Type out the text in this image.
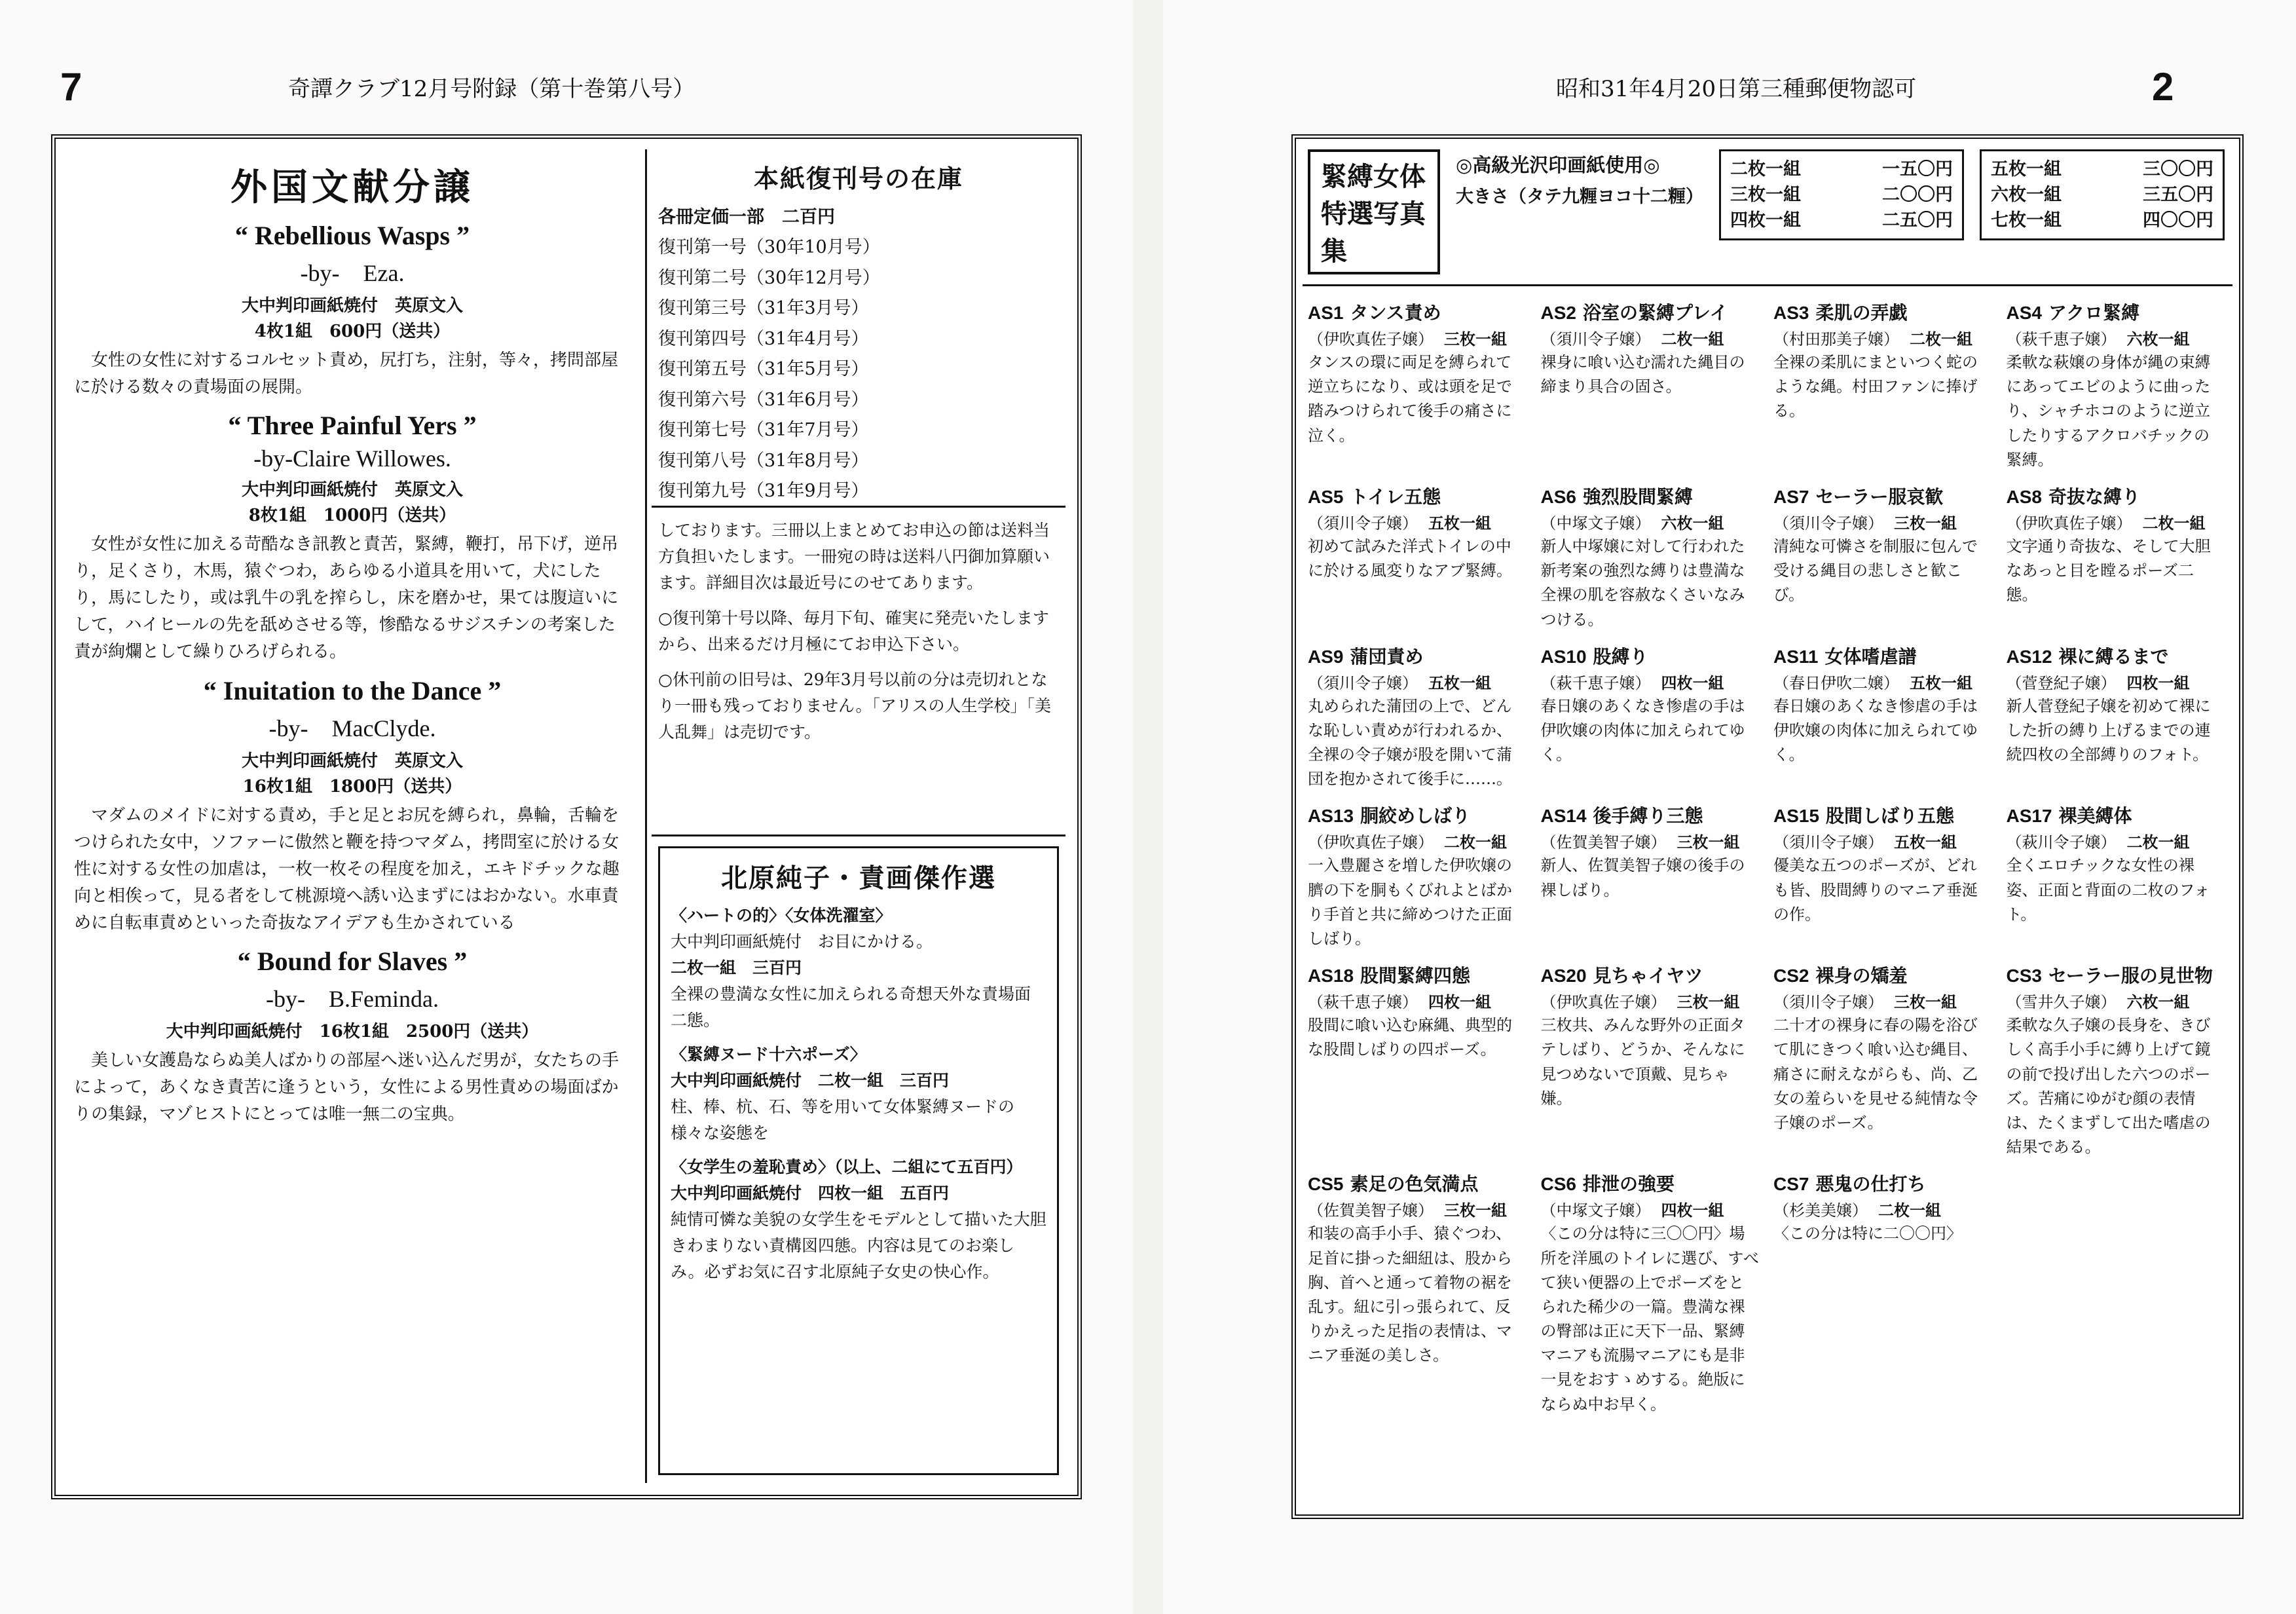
7	奇譚クラブ12月号附録（第十巻第八号）
外国文献分譲
“ Rebellious Wasps ”
-by-　Eza.
大中判印画紙焼付　英原文入
4枚1組　600円（送共）
女性の女性に対するコルセット責め，尻打ち，注射，等々，拷問部屋に於ける数々の責場面の展開。
“ Three Painful Yers ”
-by-Claire Willowes.
大中判印画紙焼付　英原文入
8枚1組　1000円（送共）
女性が女性に加える苛酷なき訊教と責苦，緊縛，鞭打，吊下げ，逆吊り，足くさり，木馬，猿ぐつわ，あらゆる小道具を用いて，犬にしたり，馬にしたり，或は乳牛の乳を搾らし，床を磨かせ，果ては腹這いにして，ハイヒールの先を舐めさせる等，惨酷なるサジスチンの考案した責が絢爛として繰りひろげられる。
“ Inuitation to the Dance ”
-by-　MacClyde.
大中判印画紙焼付　英原文入
16枚1組　1800円（送共）
マダムのメイドに対する責め，手と足とお尻を縛られ，鼻輪，舌輪をつけられた女中，ソファーに傲然と鞭を持つマダム，拷問室に於ける女性に対する女性の加虐は，一枚一枚その程度を加え，エキドチックな趣向と相俟って，見る者をして桃源境へ誘い込まずにはおかない。水車責めに自転車責めといった奇抜なアイデアも生かされている
“ Bound for Slaves ”
-by-　B.Feminda.
大中判印画紙焼付　16枚1組　2500円（送共）
美しい女護島ならぬ美人ばかりの部屋へ迷い込んだ男が，女たちの手によって，あくなき責苦に逢うという，女性による男性責めの場面ばかりの集録，マゾヒストにとっては唯一無二の宝典。
本紙復刊号の在庫

各冊定価一部　二百円

復刊第一号（30年10月号）

復刊第二号（30年12月号）

復刊第三号（31年3月号）

復刊第四号（31年4月号）

復刊第五号（31年5月号）

復刊第六号（31年6月号）

復刊第七号（31年7月号）

復刊第八号（31年8月号）

復刊第九号（31年9月号）

しております。三冊以上まとめてお申込の節は送料当方負担いたします。一冊宛の時は送料八円御加算願います。詳細目次は最近号にのせてあります。

○復刊第十号以降、毎月下旬、確実に発売いたしますから、出来るだけ月極にてお申込下さい。

○休刊前の旧号は、29年3月号以前の分は売切れとなり一冊も残っておりません。「アリスの人生学校」「美人乱舞」は売切です。

北原純子・責画傑作選

〈ハートの的〉〈女体洗濯室〉

大中判印画紙焼付　お目にかける。

二枚一組　三百円

全裸の豊満な女性に加えられる奇想天外な責場面二態。

〈緊縛ヌード十六ポーズ〉

大中判印画紙焼付　二枚一組　三百円

柱、棒、杭、石、等を用いて女体緊縛ヌードの様々な姿態を

〈女学生の羞恥責め〉（以上、二組にて五百円）

大中判印画紙焼付　四枚一組　五百円

純情可憐な美貌の女学生をモデルとして描いた大胆きわまりない責構図四態。内容は見てのお楽しみ。必ずお気に召す北原純子女史の快心作。

昭和31年4月20日第三種郵便物認可	2
緊縛女体特選写真集

◎高級光沢印画紙使用◎

大きさ（タテ九糎ヨコ十二糎）

二枚一組	一五〇円
三枚一組	二〇〇円
四枚一組	二五〇円
五枚一組	三〇〇円
六枚一組	三五〇円
七枚一組	四〇〇円
AS1 タンス責め
（伊吹真佐子嬢） 三枚一組
タンスの環に両足を縛られて逆立ちになり、或は頭を足で踏みつけられて後手の痛さに泣く。
AS2 浴室の緊縛プレイ
（須川令子嬢） 二枚一組
裸身に喰い込む濡れた縄目の締まり具合の固さ。
AS3 柔肌の弄戯
（村田那美子嬢） 二枚一組
全裸の柔肌にまといつく蛇のような縄。村田ファンに捧げる。
AS4 アクロ緊縛
（萩千恵子嬢） 六枚一組
柔軟な萩嬢の身体が縄の束縛にあってエビのように曲ったり、シャチホコのように逆立したりするアクロバチックの緊縛。
AS5 トイレ五態
（須川令子嬢） 五枚一組
初めて試みた洋式トイレの中に於ける風変りなアブ緊縛。
AS6 強烈股間緊縛
（中塚文子嬢） 六枚一組
新人中塚嬢に対して行われた新考案の強烈な縛りは豊満な全裸の肌を容赦なくさいなみつける。
AS7 セーラー服哀歓
（須川令子嬢） 三枚一組
清純な可憐さを制服に包んで受ける縄目の悲しさと歓こび。
AS8 奇抜な縛り
（伊吹真佐子嬢） 二枚一組
文字通り奇抜な、そして大胆なあっと目を瞠るポーズ二態。
AS9 蒲団責め
（須川令子嬢） 五枚一組
丸められた蒲団の上で、どんな恥しい責めが行われるか、全裸の令子嬢が股を開いて蒲団を抱かされて後手に……。
AS10 股縛り
（萩千恵子嬢） 四枚一組
春日嬢のあくなき惨虐の手は伊吹嬢の肉体に加えられてゆく。
AS11 女体嗜虐譜
（春日伊吹二嬢） 五枚一組
春日嬢のあくなき惨虐の手は伊吹嬢の肉体に加えられてゆく。
AS12 裸に縛るまで
（菅登紀子嬢） 四枚一組
新人菅登紀子嬢を初めて裸にした折の縛り上げるまでの連続四枚の全部縛りのフォト。
AS13 胴絞めしばり
（伊吹真佐子嬢） 二枚一組
一入豊麗さを増した伊吹嬢の臍の下を胴もくびれよとばかり手首と共に締めつけた正面しばり。
AS14 後手縛り三態
（佐賀美智子嬢） 三枚一組
新人、佐賀美智子嬢の後手の裸しばり。
AS15 股間しばり五態
（須川令子嬢） 五枚一組
優美な五つのポーズが、どれも皆、股間縛りのマニア垂涎の作。
AS17 裸美縛体
（萩川令子嬢） 二枚一組
全くエロチックな女性の裸姿、正面と背面の二枚のフォト。
AS18 股間緊縛四態
（萩千恵子嬢） 四枚一組
股間に喰い込む麻縄、典型的な股間しばりの四ポーズ。
AS20 見ちゃイヤツ
（伊吹真佐子嬢） 三枚一組
三枚共、みんな野外の正面タテしばり、どうか、そんなに見つめないで頂戴、見ちゃ嫌。
CS2 裸身の矯羞
（須川令子嬢） 三枚一組
二十才の裸身に春の陽を浴びて肌にきつく喰い込む縄目、痛さに耐えながらも、尚、乙女の羞らいを見せる純情な令子嬢のポーズ。
CS3 セーラー服の見世物
（雪井久子嬢） 六枚一組
柔軟な久子嬢の長身を、きびしく高手小手に縛り上げて鏡の前で投げ出した六つのポーズ。苦痛にゆがむ顔の表情は、たくまずして出た嗜虐の結果である。
CS5 素足の色気満点
（佐賀美智子嬢） 三枚一組
和装の高手小手、猿ぐつわ、足首に掛った細紐は、股から胸、首へと通って着物の裾を乱す。紐に引っ張られて、反りかえった足指の表情は、マニア垂涎の美しさ。
CS6 排泄の強要
（中塚文子嬢） 四枚一組
〈この分は特に三〇〇円〉場所を洋風のトイレに選び、すべて狭い便器の上でポーズをとられた稀少の一篇。豊満な裸の臀部は正に天下一品、緊縛マニアも流腸マニアにも是非一見をおすゝめする。絶版にならぬ中お早く。
CS7 悪鬼の仕打ち
（杉美美嬢） 二枚一組
〈この分は特に二〇〇円〉
